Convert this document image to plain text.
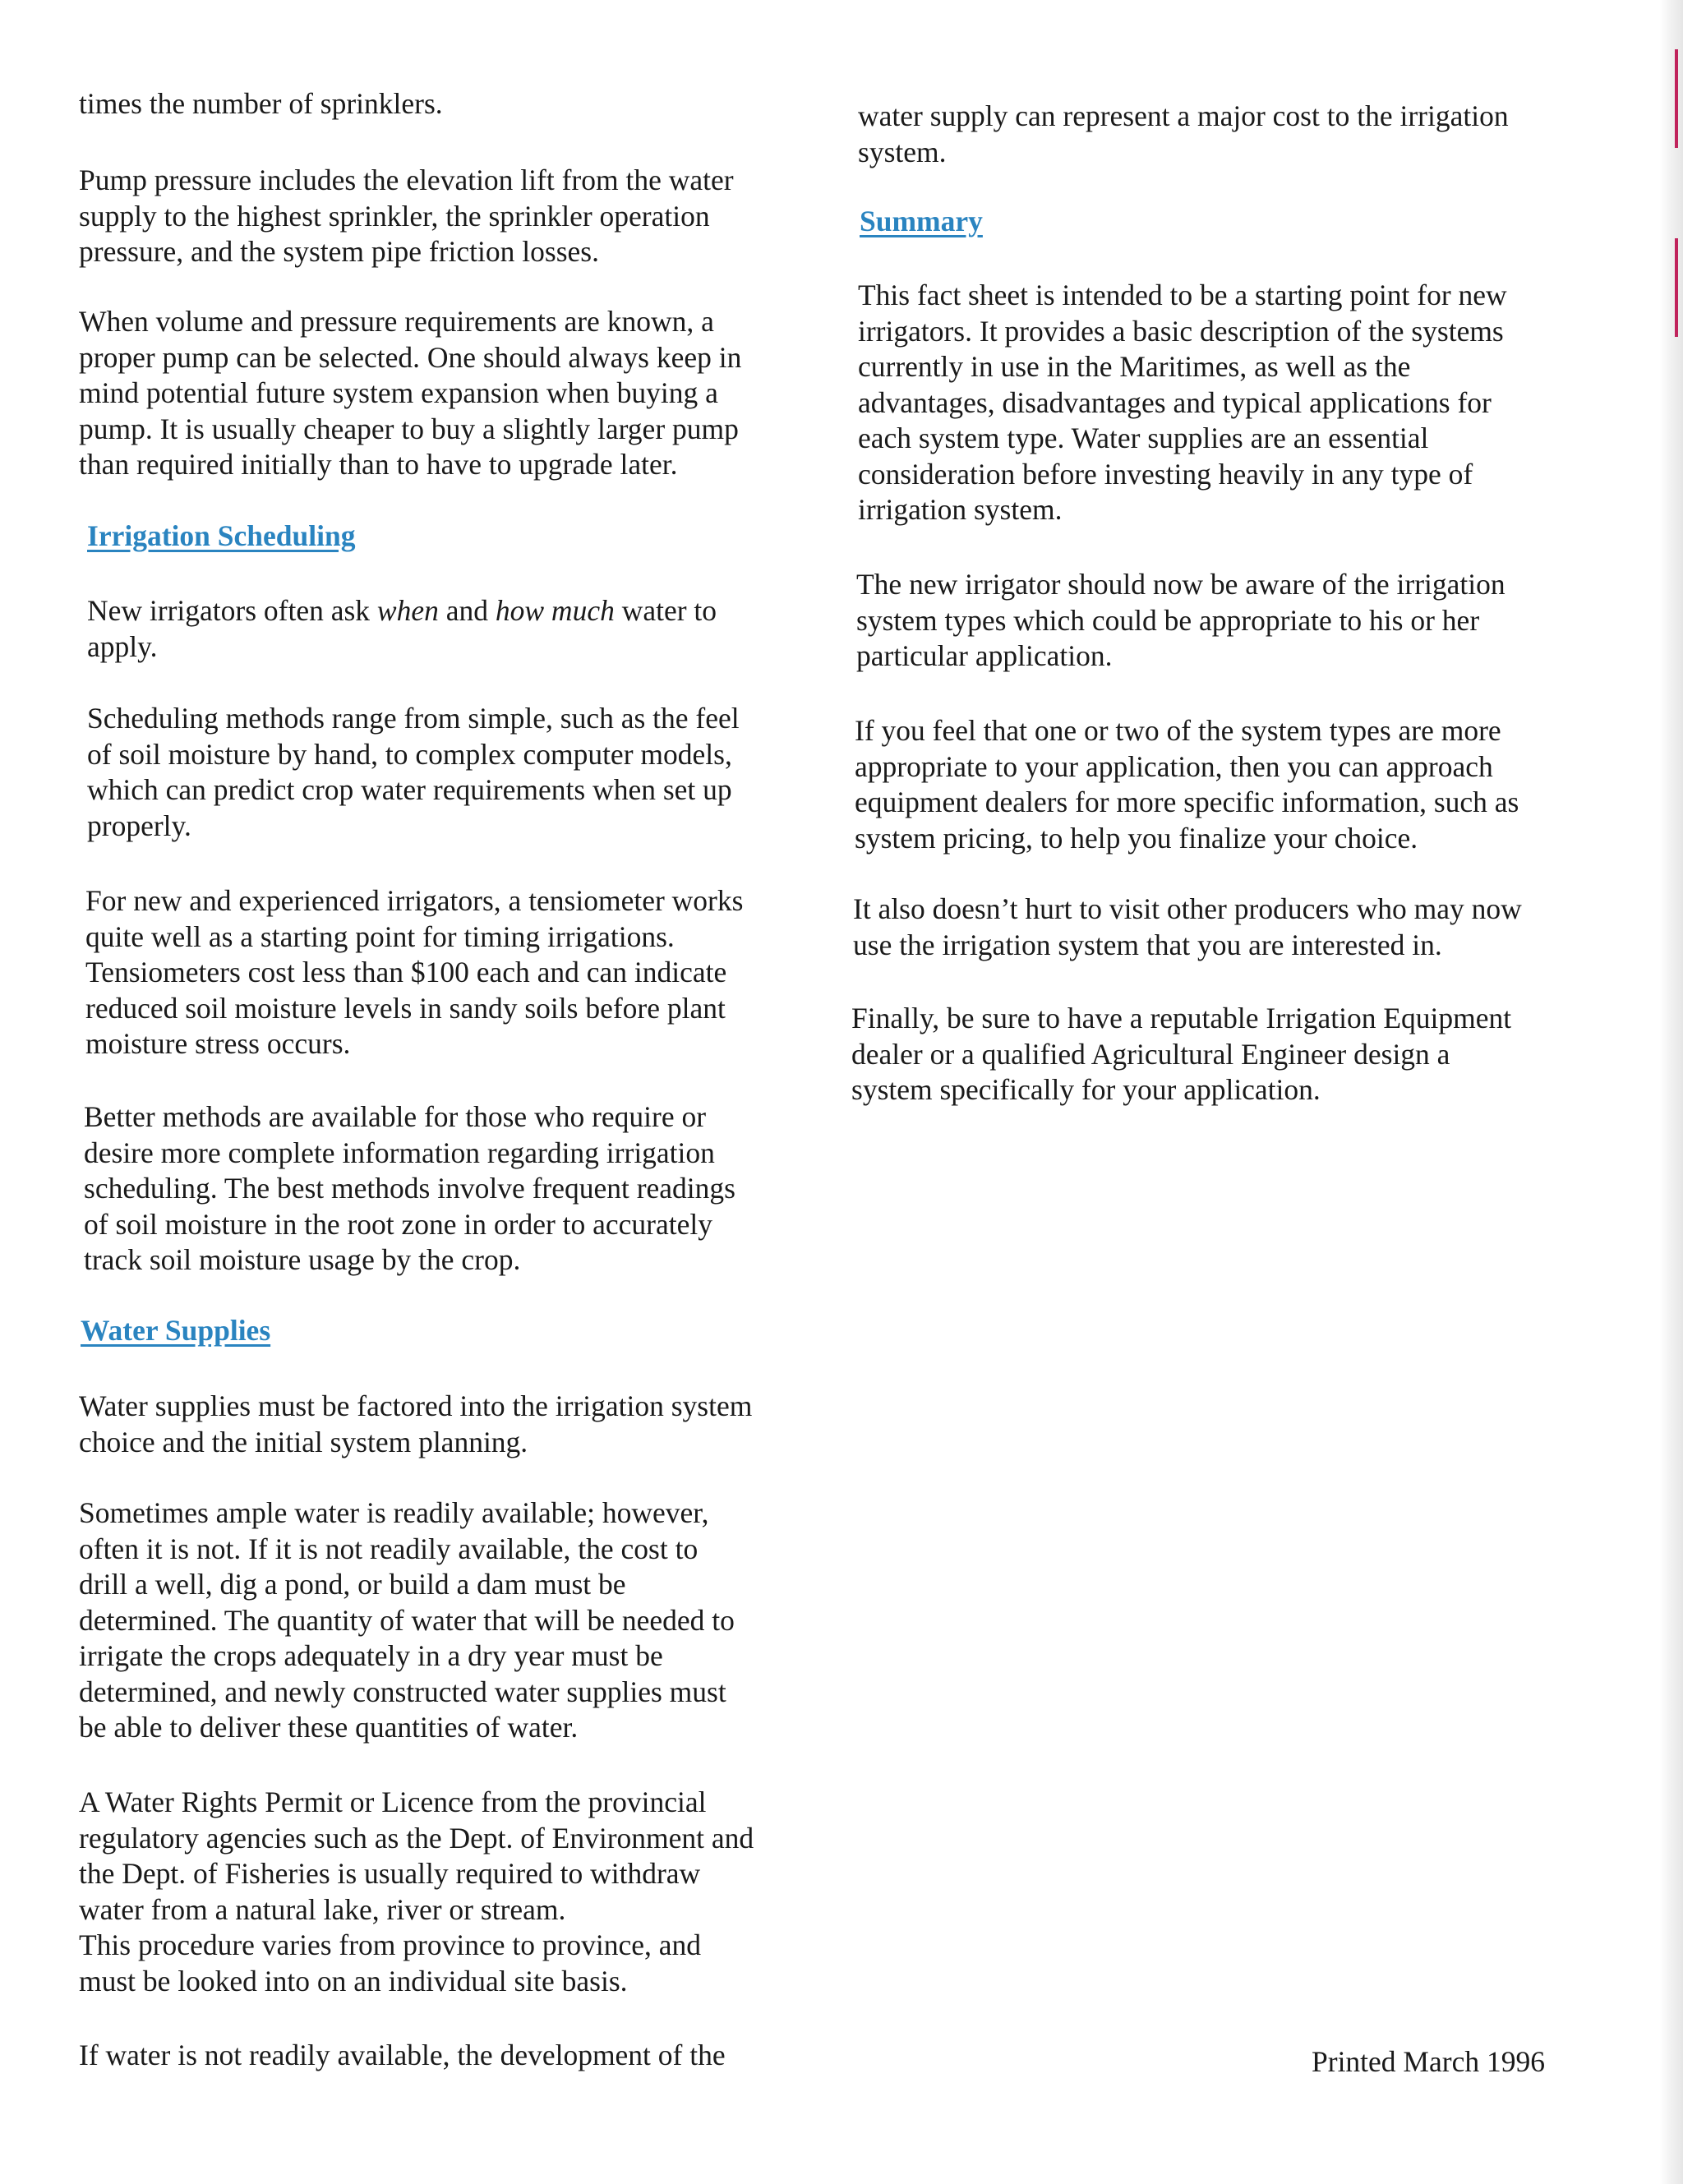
times the number of sprinklers.
Pump pressure includes the elevation lift from the water
supply to the highest sprinkler, the sprinkler operation
pressure, and the system pipe friction losses.
When volume and pressure requirements are known, a
proper pump can be selected. One should always keep in
mind potential future system expansion when buying a
pump. It is usually cheaper to buy a slightly larger pump
than required initially than to have to upgrade later.
Irrigation Scheduling
New irrigators often ask when and how much water to
apply.
Scheduling methods range from simple, such as the feel
of soil moisture by hand, to complex computer models,
which can predict crop water requirements when set up
properly.
For new and experienced irrigators, a tensiometer works
quite well as a starting point for timing irrigations.
Tensiometers cost less than $100 each and can indicate
reduced soil moisture levels in sandy soils before plant
moisture stress occurs.
Better methods are available for those who require or
desire more complete information regarding irrigation
scheduling. The best methods involve frequent readings
of soil moisture in the root zone in order to accurately
track soil moisture usage by the crop.
Water Supplies
Water supplies must be factored into the irrigation system
choice and the initial system planning.
Sometimes ample water is readily available; however,
often it is not. If it is not readily available, the cost to
drill a well, dig a pond, or build a dam must be
determined. The quantity of water that will be needed to
irrigate the crops adequately in a dry year must be
determined, and newly constructed water supplies must
be able to deliver these quantities of water.
A Water Rights Permit or Licence from the provincial
regulatory agencies such as the Dept. of Environment and
the Dept. of Fisheries is usually required to withdraw
water from a natural lake, river or stream.
This procedure varies from province to province, and
must be looked into on an individual site basis.
If water is not readily available, the development of the
water supply can represent a major cost to the irrigation
system.
Summary
This fact sheet is intended to be a starting point for new
irrigators. It provides a basic description of the systems
currently in use in the Maritimes, as well as the
advantages, disadvantages and typical applications for
each system type. Water supplies are an essential
consideration before investing heavily in any type of
irrigation system.
The new irrigator should now be aware of the irrigation
system types which could be appropriate to his or her
particular application.
If you feel that one or two of the system types are more
appropriate to your application, then you can approach
equipment dealers for more specific information, such as
system pricing, to help you finalize your choice.
It also doesn’t hurt to visit other producers who may now
use the irrigation system that you are interested in.
Finally, be sure to have a reputable Irrigation Equipment
dealer or a qualified Agricultural Engineer design a
system specifically for your application.
Printed March 1996
